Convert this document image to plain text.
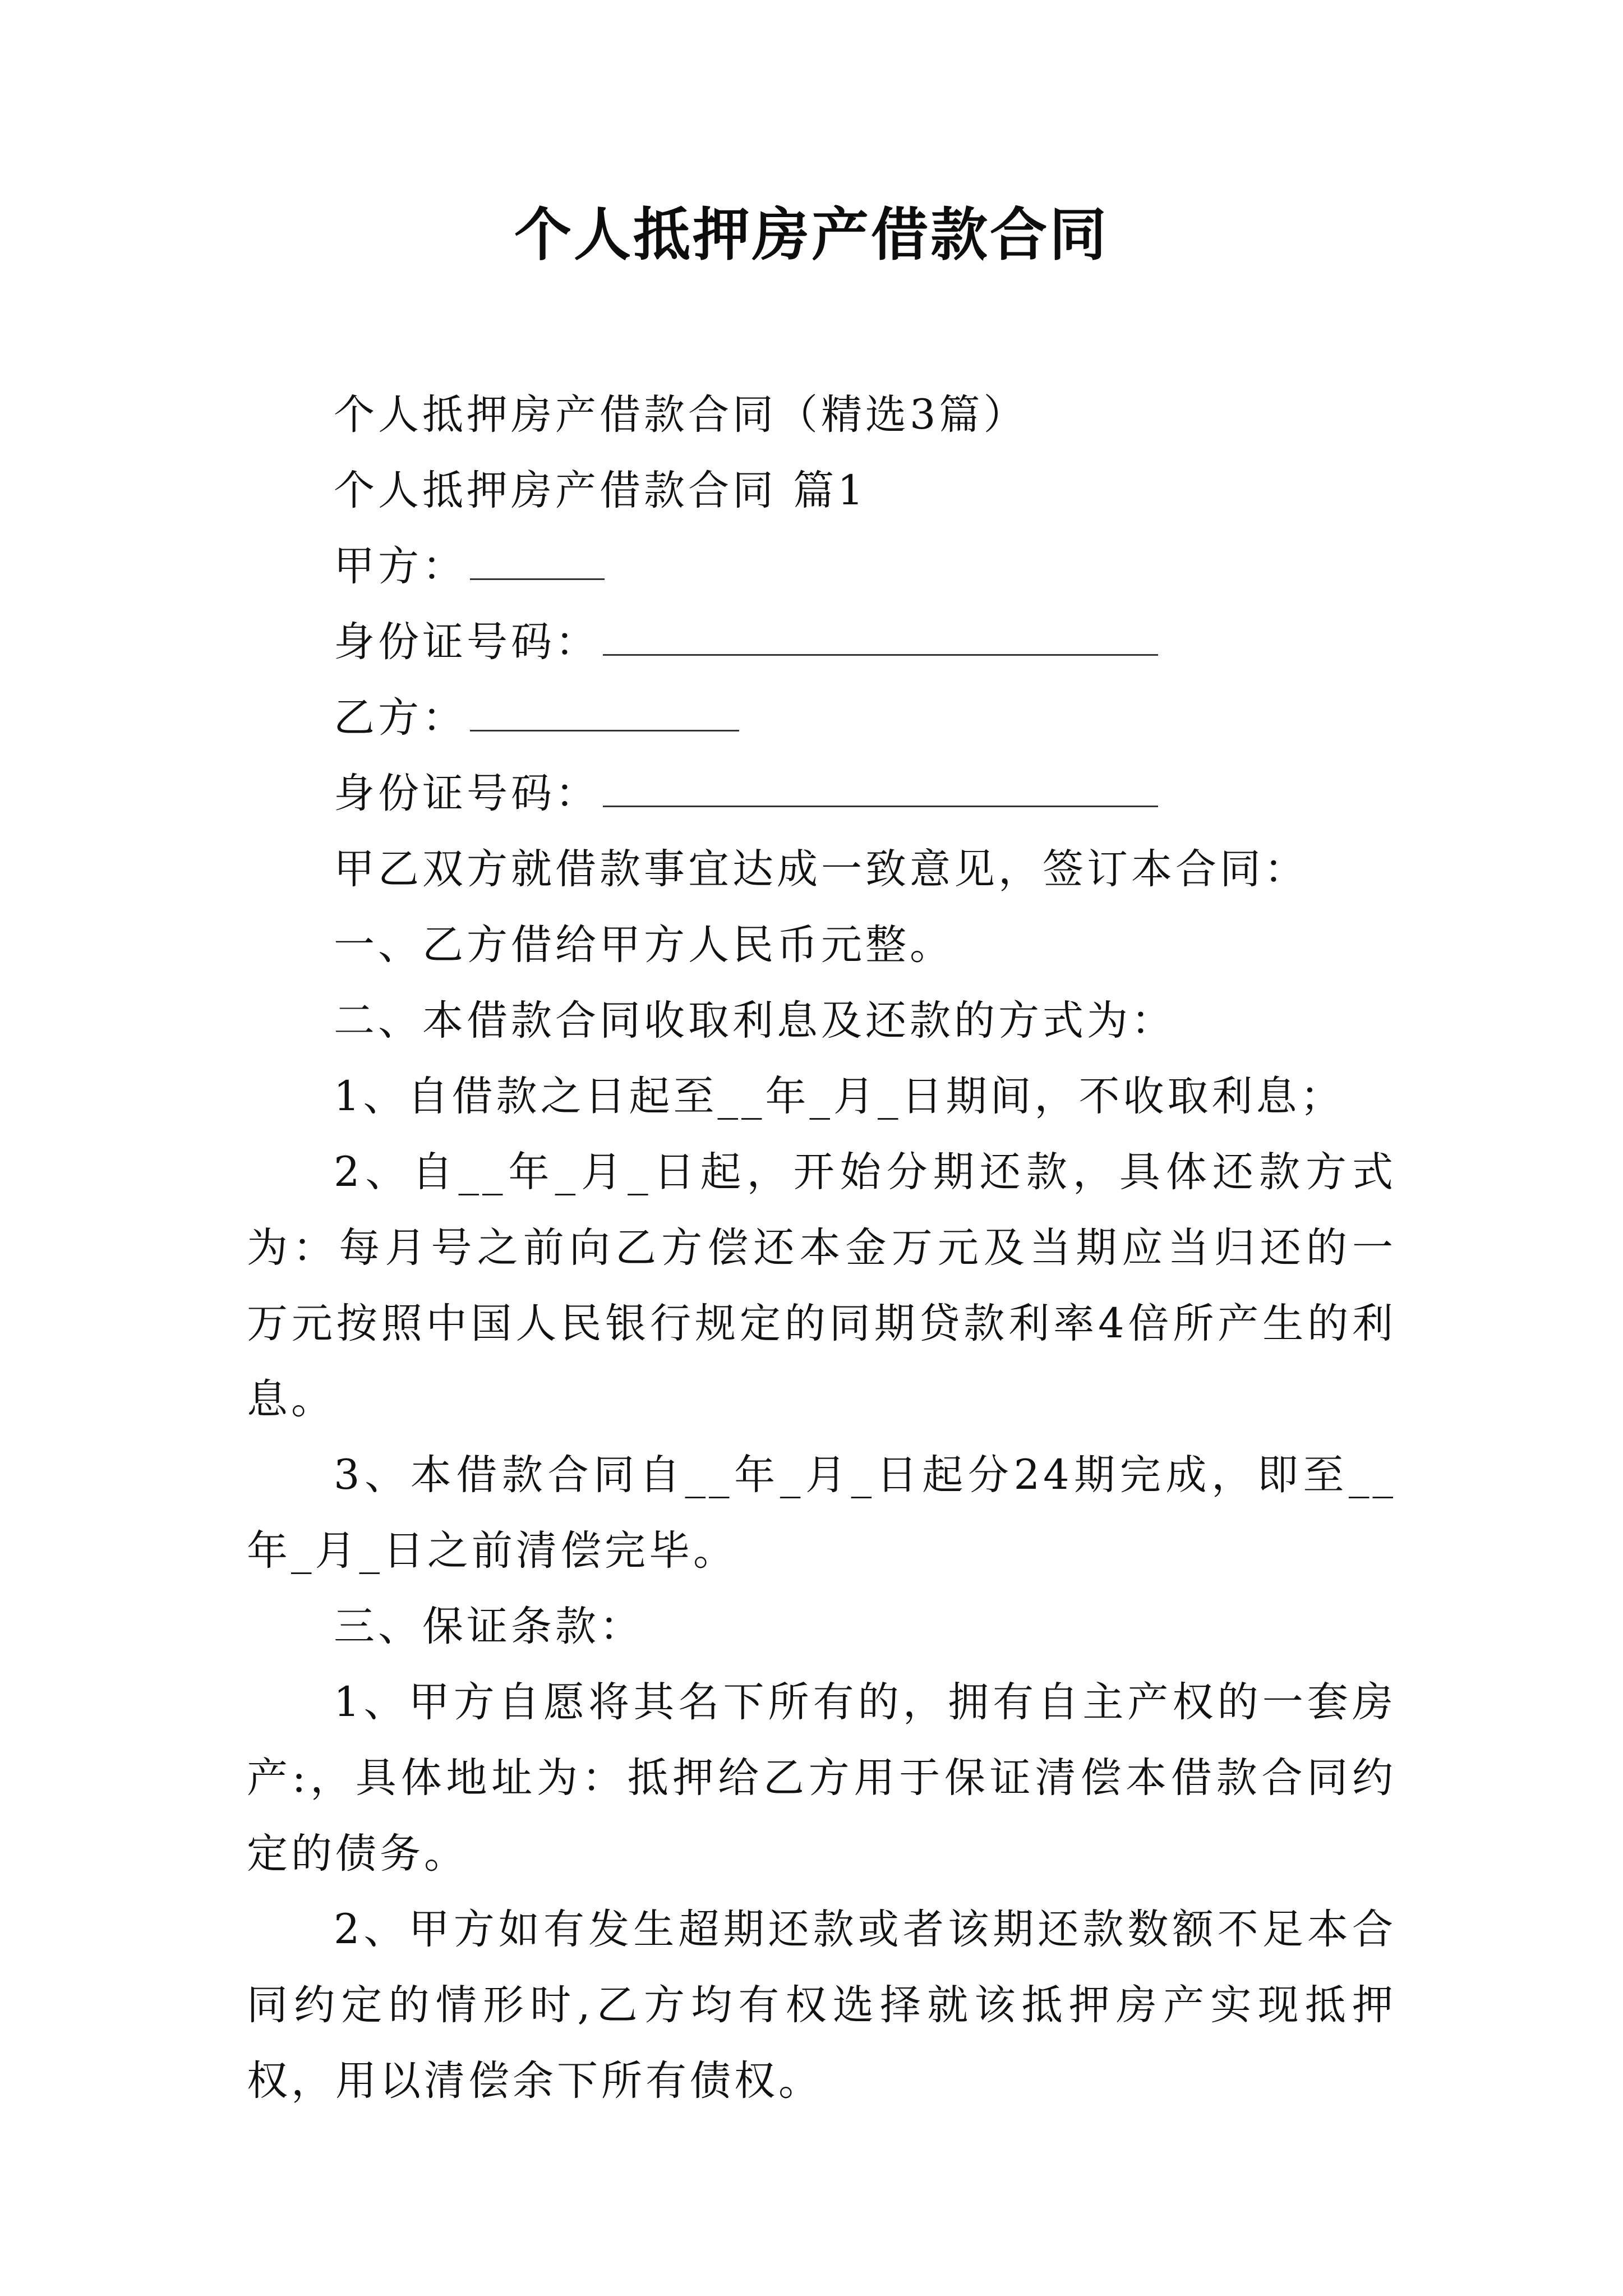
个人抵押房产借款合同

个人抵押房产借款合同（精选3篇）

个人抵押房产借款合同 篇1

甲方：

身份证号码：

乙方：

身份证号码：

甲乙双方就借款事宜达成一致意见，签订本合同：

一、乙方借给甲方人民币元整。

二、本借款合同收取利息及还款的方式为：

1、自借款之日起至__年_月_日期间，不收取利息；

2、自__年_月_日起，开始分期还款，具体还款方式为：每月号之前向乙方偿还本金万元及当期应当归还的一万元按照中国人民银行规定的同期贷款利率4倍所产生的利息。

3、本借款合同自__年_月_日起分24期完成，即至__年_月_日之前清偿完毕。

三、保证条款：

1、甲方自愿将其名下所有的，拥有自主产权的一套房产:，具体地址为：抵押给乙方用于保证清偿本借款合同约定的债务。

2、甲方如有发生超期还款或者该期还款数额不足本合同约定的情形时,乙方均有权选择就该抵押房产实现抵押权，用以清偿余下所有债权。
